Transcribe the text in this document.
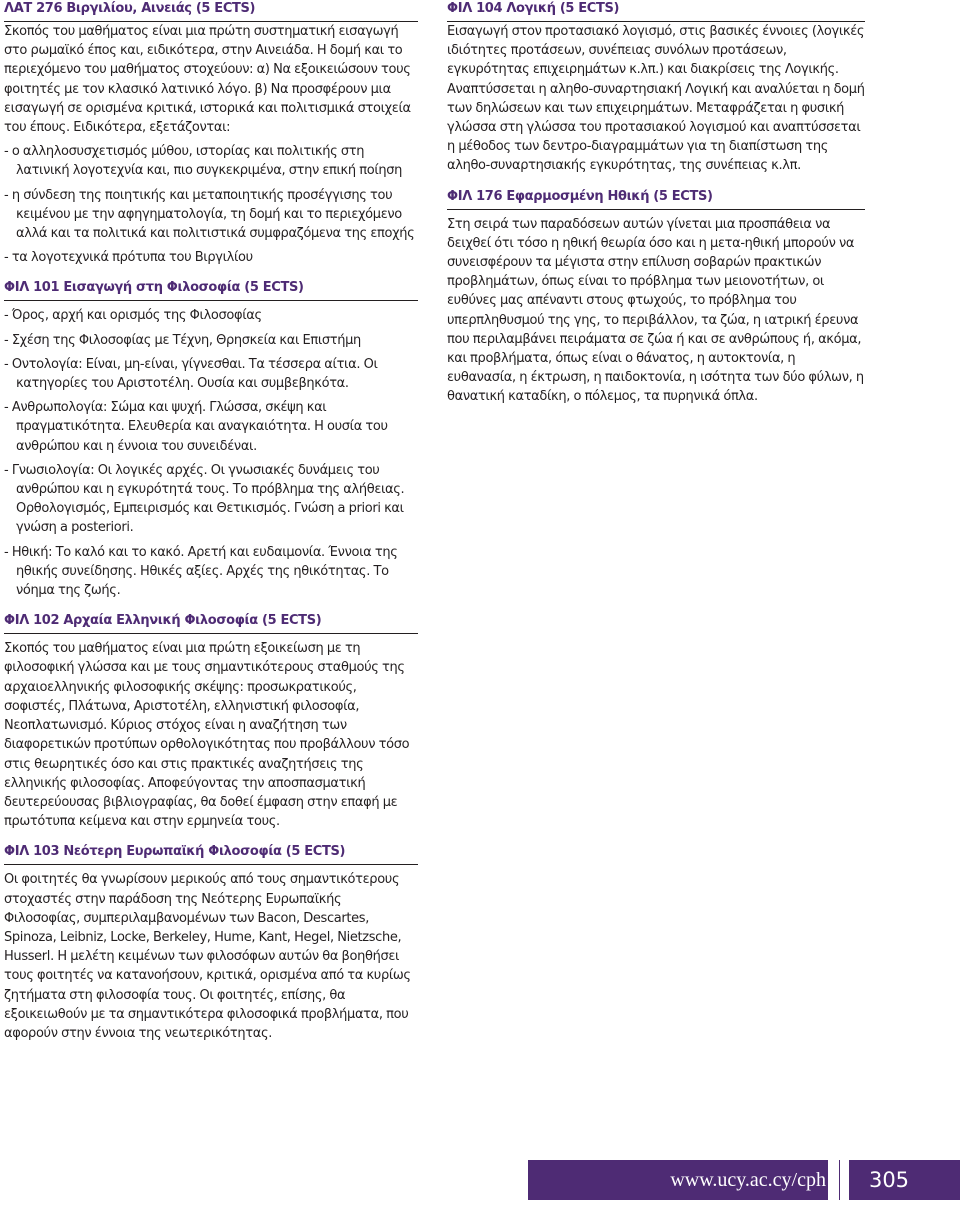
ΛΑΤ 276 Βιργιλίου, Αινειάς (5 ECTS)

Σκοπός του μαθήματος είναι μια πρώτη συστηματική εισαγωγή στο ρωμαϊκό έπος και, ειδικότερα, στην Αινειάδα. Η δομή και το περιεχόμενο του μαθήματος στοχεύουν: α) Να εξοικειώσουν τους φοιτητές με τον κλασικό λατινικό λόγο. β) Να προσφέρουν μια εισαγωγή σε ορισμένα κριτικά, ιστορικά και πολιτισμικά στοιχεία του έπους. Ειδικότερα, εξετάζονται:

- ο αλληλοσυσχετισμός μύθου, ιστορίας και πολιτικής στη λατινική λογοτεχνία και, πιο συγκεκριμένα, στην επική ποίηση

- η σύνδεση της ποιητικής και μεταποιητικής προσέγγισης του κειμένου με την αφηγηματολογία, τη δομή και το περιεχόμενο αλλά και τα πολιτικά και πολιτιστικά συμφραζόμενα της εποχής

- τα λογοτεχνικά πρότυπα του Βιργιλίου

ΦΙΛ 101 Εισαγωγή στη Φιλοσοφία (5 ECTS)

- Όρος, αρχή και ορισμός της Φιλοσοφίας

- Σχέση της Φιλοσοφίας με Τέχνη, Θρησκεία και Επιστήμη

- Οντολογία: Είναι, μη-είναι, γίγνεσθαι. Τα τέσσερα αίτια. Οι κατηγορίες του Αριστοτέλη. Ουσία και συμβεβηκότα.

- Ανθρωπολογία: Σώμα και ψυχή. Γλώσσα, σκέψη και πραγματικότητα. Ελευθερία και αναγκαιότητα. Η ουσία του ανθρώπου και η έννοια του συνειδέναι.

- Γνωσιολογία: Οι λογικές αρχές. Οι γνωσιακές δυνάμεις του ανθρώπου και η εγκυρότητά τους. Το πρόβλημα της αλήθειας. Ορθολογισμός, Εμπειρισμός και Θετικισμός. Γνώση a priori και γνώση a posteriori.

- Ηθική: Το καλό και το κακό. Αρετή και ευδαιμονία. Έννοια της ηθικής συνείδησης. Ηθικές αξίες. Αρχές της ηθικότητας. Το νόημα της ζωής.

ΦΙΛ 102 Αρχαία Ελληνική Φιλοσοφία (5 ECTS)

Σκοπός του μαθήματος είναι μια πρώτη εξοικείωση με τη φιλοσοφική γλώσσα και με τους σημαντικότερους σταθμούς της αρχαιοελληνικής φιλοσοφικής σκέψης: προσωκρατικούς, σοφιστές, Πλάτωνα, Αριστοτέλη, ελληνιστική φιλοσοφία, Νεοπλατωνισμό. Κύριος στόχος είναι η αναζήτηση των διαφορετικών προτύπων ορθολογικότητας που προβάλλουν τόσο στις θεωρητικές όσο και στις πρακτικές αναζητήσεις της ελληνικής φιλοσοφίας. Αποφεύγοντας την αποσπασματική δευτερεύουσας βιβλιογραφίας, θα δοθεί έμφαση στην επαφή με πρωτότυπα κείμενα και στην ερμηνεία τους.

ΦΙΛ 103 Νεότερη Ευρωπαϊκή Φιλοσοφία (5 ECTS)

Οι φοιτητές θα γνωρίσουν μερικούς από τους σημαντικότερους στοχαστές στην παράδοση της Νεότερης Ευρωπαϊκής Φιλοσοφίας, συμπεριλαμβανομένων των Bacon, Descartes, Spinoza, Leibniz, Locke, Berkeley, Hume, Kant, Hegel, Nietzsche, Husserl. Η μελέτη κειμένων των φιλοσόφων αυτών θα βοηθήσει τους φοιτητές να κατανοήσουν, κριτικά, ορισμένα από τα κυρίως ζητήματα στη φιλοσοφία τους. Οι φοιτητές, επίσης, θα εξοικειωθούν με τα σημαντικότερα φιλοσοφικά προβλήματα, που αφορούν στην έννοια της νεωτερικότητας.

ΦΙΛ 104 Λογική (5 ECTS)

Εισαγωγή στον προτασιακό λογισμό, στις βασικές έννοιες (λογικές ιδιότητες προτάσεων, συνέπειας συνόλων προτάσεων, εγκυρότητας επιχειρημάτων κ.λπ.) και διακρίσεις της Λογικής. Αναπτύσσεται η αληθο-συναρτησιακή Λογική και αναλύεται η δομή των δηλώσεων και των επιχειρημάτων. Μεταφράζεται η φυσική γλώσσα στη γλώσσα του προτασιακού λογισμού και αναπτύσσεται η μέθοδος των δεντρο-διαγραμμάτων για τη διαπίστωση της αληθο-συναρτησιακής εγκυρότητας, της συνέπειας κ.λπ.

ΦΙΛ 176 Εφαρμοσμένη Ηθική (5 ECTS)

Στη σειρά των παραδόσεων αυτών γίνεται μια προσπάθεια να δειχθεί ότι τόσο η ηθική θεωρία όσο και η μετα-ηθική μπορούν να συνεισφέρουν τα μέγιστα στην επίλυση σοβαρών πρακτικών προβλημάτων, όπως είναι το πρόβλημα των μειονοτήτων, οι ευθύνες μας απέναντι στους φτωχούς, το πρόβλημα του υπερπληθυσμού της γης, το περιβάλλον, τα ζώα, η ιατρική έρευνα που περιλαμβάνει πειράματα σε ζώα ή και σε ανθρώπους ή, ακόμα, και προβλήματα, όπως είναι ο θάνατος, η αυτοκτονία, η ευθανασία, η έκτρωση, η παιδοκτονία, η ισότητα των δύο φύλων, η θανατική καταδίκη, ο πόλεμος, τα πυρηνικά όπλα.

www.ucy.ac.cy/cph	305
